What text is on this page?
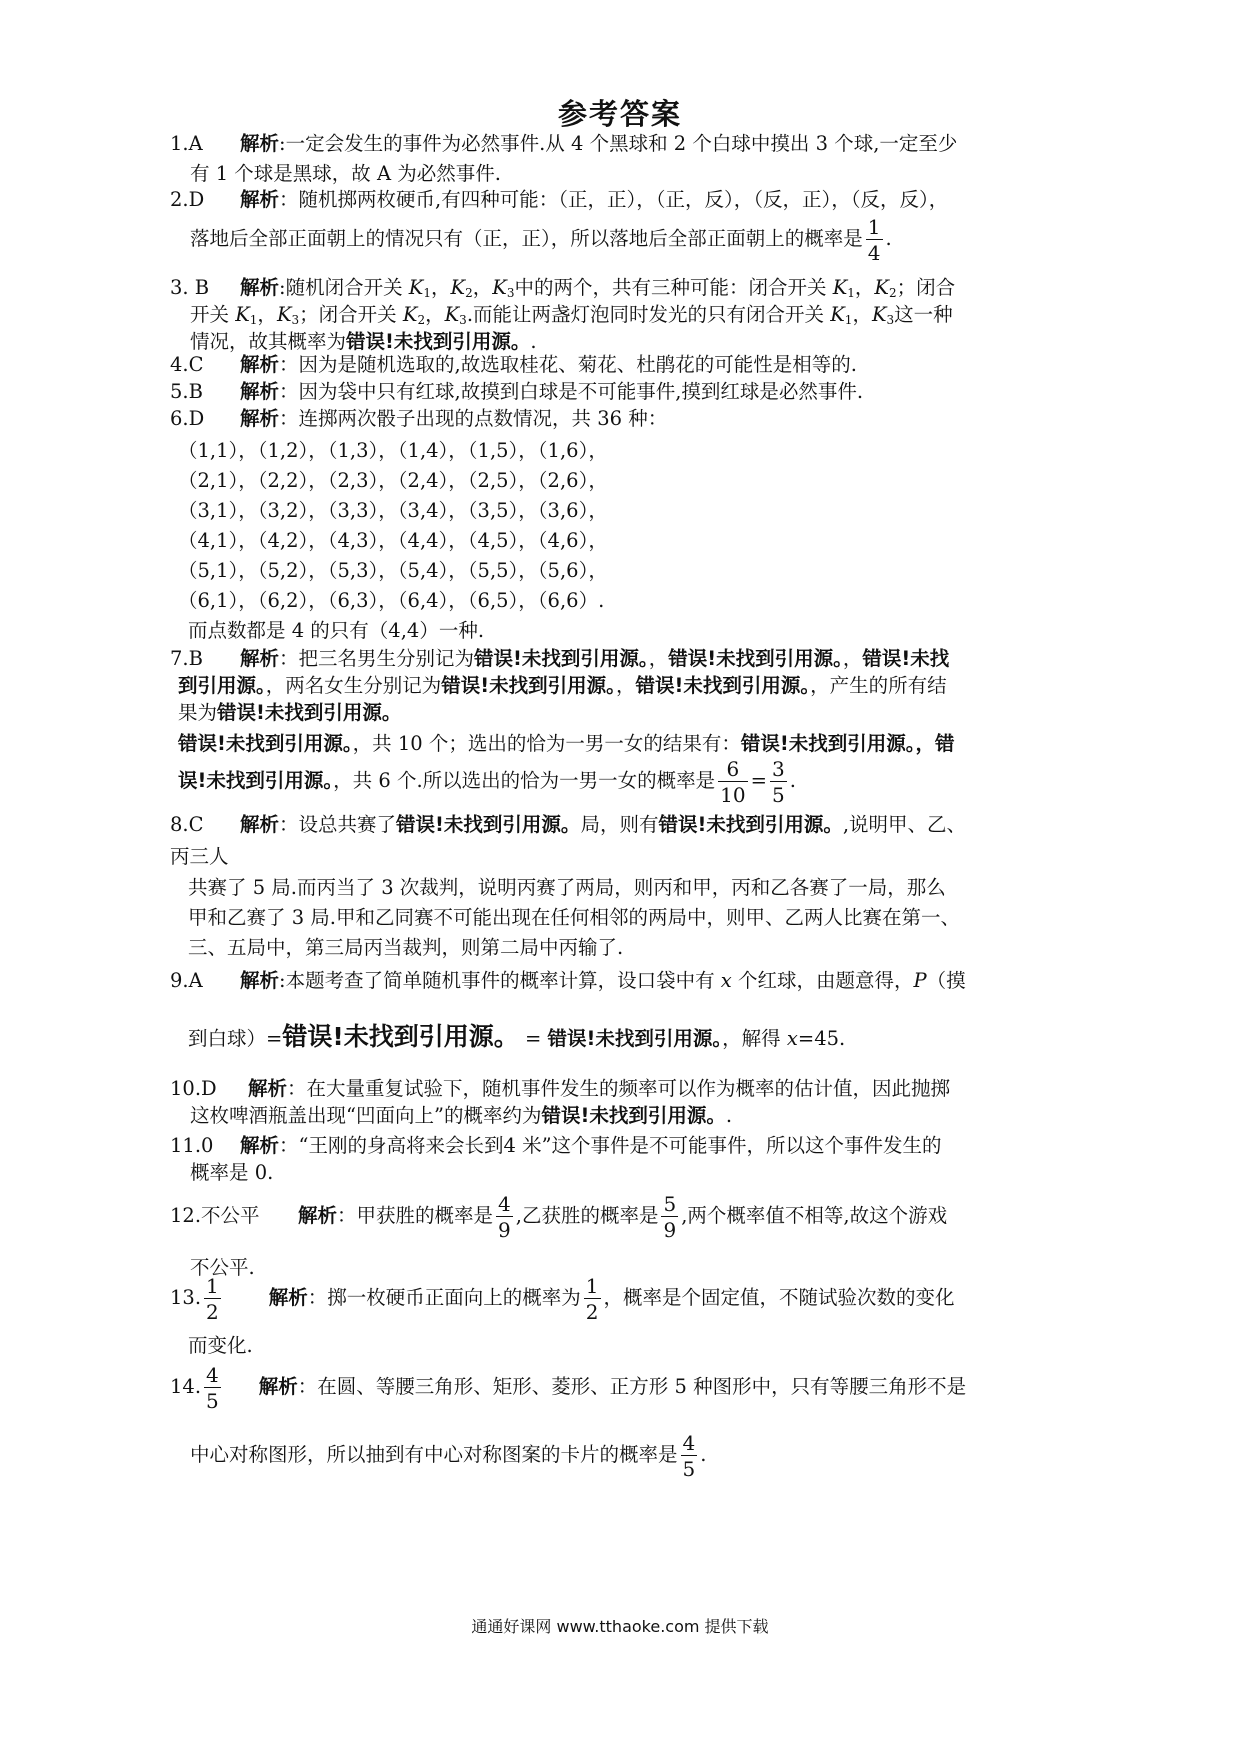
参考答案
1.A 解析:一定会发生的事件为必然事件.从 4 个黑球和 2 个白球中摸出 3 个球,一定至少
有 1 个球是黑球，故 A 为必然事件.
2.D 解析：随机掷两枚硬币,有四种可能：（正，正），（正，反），（反，正），（反，反），
落地后全部正面朝上的情况只有（正，正），所以落地后全部正面朝上的概率是 $\frac{1}{4}$ .
3. B 解析:随机闭合开关 $K_1$，$K_2$，$K_3$中的两个，共有三种可能：闭合开关 $K_1$，$K_2$；闭合
开关 $K_1$，$K_3$；闭合开关 $K_2$，$K_3$.而能让两盏灯泡同时发光的只有闭合开关 $K_1$，$K_3$这一种
情况，故其概率为错误!未找到引用源。.
4.C 解析：因为是随机选取的,故选取桂花、菊花、杜鹃花的可能性是相等的.
5.B 解析：因为袋中只有红球,故摸到白球是不可能事件,摸到红球是必然事件.
6.D 解析：连掷两次骰子出现的点数情况，共 36 种：
（1,1），（1,2），（1,3），（1,4），（1,5），（1,6），
（2,1），（2,2），（2,3），（2,4），（2,5），（2,6），
（3,1），（3,2），（3,3），（3,4），（3,5），（3,6），
（4,1），（4,2），（4,3），（4,4），（4,5），（4,6），
（5,1），（5,2），（5,3），（5,4），（5,5），（5,6），
（6,1），（6,2），（6,3），（6,4），（6,5），（6,6）.
而点数都是 4 的只有（4,4）一种.
7.B 解析：把三名男生分别记为错误!未找到引用源。，错误!未找到引用源。，错误!未找
到引用源。，两名女生分别记为错误!未找到引用源。，错误!未找到引用源。，产生的所有结
果为错误!未找到引用源。
错误!未找到引用源。，共 10 个；选出的恰为一男一女的结果有：错误!未找到引用源。，错
误!未找到引用源。，共 6 个.所以选出的恰为一男一女的概率是 $\frac{6}{10} = \frac{3}{5}$ .
8.C 解析：设总共赛了错误!未找到引用源。局，则有错误!未找到引用源。,说明甲、乙、
丙三人
共赛了 5 局.而丙当了 3 次裁判，说明丙赛了两局，则丙和甲，丙和乙各赛了一局，那么
甲和乙赛了 3 局.甲和乙同赛不可能出现在任何相邻的两局中，则甲、乙两人比赛在第一、
三、五局中，第三局丙当裁判，则第二局中丙输了.
9.A 解析:本题考查了简单随机事件的概率计算，设口袋中有 x 个红球，由题意得，P（摸
到白球）=错误!未找到引用源。 = 错误!未找到引用源。，解得 x=45.
10.D 解析：在大量重复试验下，随机事件发生的频率可以作为概率的估计值，因此抛掷
这枚啤酒瓶盖出现“凹面向上”的概率约为错误!未找到引用源。.
11.0 解析：“王刚的身高将来会长到4 米”这个事件是不可能事件，所以这个事件发生的
概率是 0.
12.不公平 解析：甲获胜的概率是 $\frac{4}{9}$ ,乙获胜的概率是 $\frac{5}{9}$ ,两个概率值不相等,故这个游戏
不公平.
13. $\frac{1}{2}$ 解析：掷一枚硬币正面向上的概率为 $\frac{1}{2}$ ，概率是个固定值，不随试验次数的变化
而变化.
14. $\frac{4}{5}$ 解析：在圆、等腰三角形、矩形、菱形、正方形 5 种图形中，只有等腰三角形不是
中心对称图形，所以抽到有中心对称图案的卡片的概率是 $\frac{4}{5}$ .
通通好课网 www.tthaoke.com 提供下载
